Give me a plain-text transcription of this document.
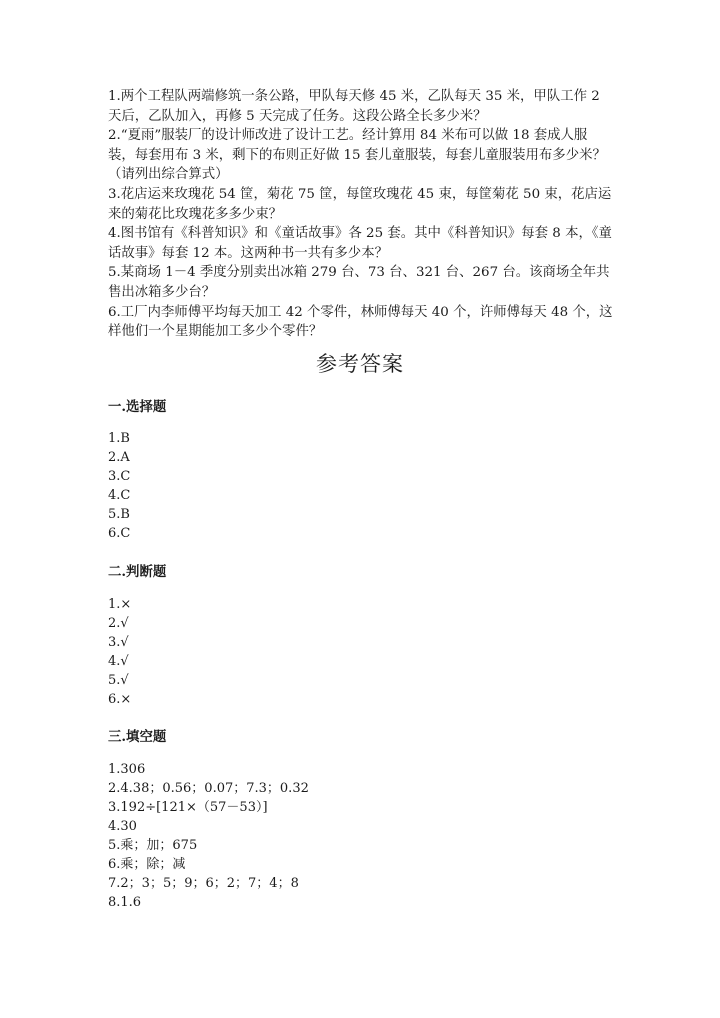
1.两个工程队两端修筑一条公路，甲队每天修 45 米，乙队每天 35 米，甲队工作 2 天后，乙队加入，再修 5 天完成了任务。这段公路全长多少米？

2.“夏雨”服装厂的设计师改进了设计工艺。经计算用 84 米布可以做 18 套成人服装，每套用布 3 米，剩下的布则正好做 15 套儿童服装，每套儿童服装用布多少米？（请列出综合算式）

3.花店运来玫瑰花 54 筐，菊花 75 筐，每筐玫瑰花 45 束，每筐菊花 50 束，花店运来的菊花比玫瑰花多多少束？

4.图书馆有《科普知识》和《童话故事》各 25 套。其中《科普知识》每套 8 本，《童话故事》每套 12 本。这两种书一共有多少本？

5.某商场 1－4 季度分别卖出冰箱 279 台、73 台、321 台、267 台。该商场全年共售出冰箱多少台？

6.工厂内李师傅平均每天加工 42 个零件，林师傅每天 40 个，许师傅每天 48 个，这样他们一个星期能加工多少个零件？

参考答案
一.选择题
1.B
2.A
3.C
4.C
5.B
6.C
二.判断题
1.×
2.√
3.√
4.√
5.√
6.×
三.填空题
1.306
2.4.38；0.56；0.07；7.3；0.32
3.192÷[121×（57－53）]
4.30
5.乘；加；675
6.乘；除；减
7.2；3；5；9；6；2；7；4；8
8.1.6
